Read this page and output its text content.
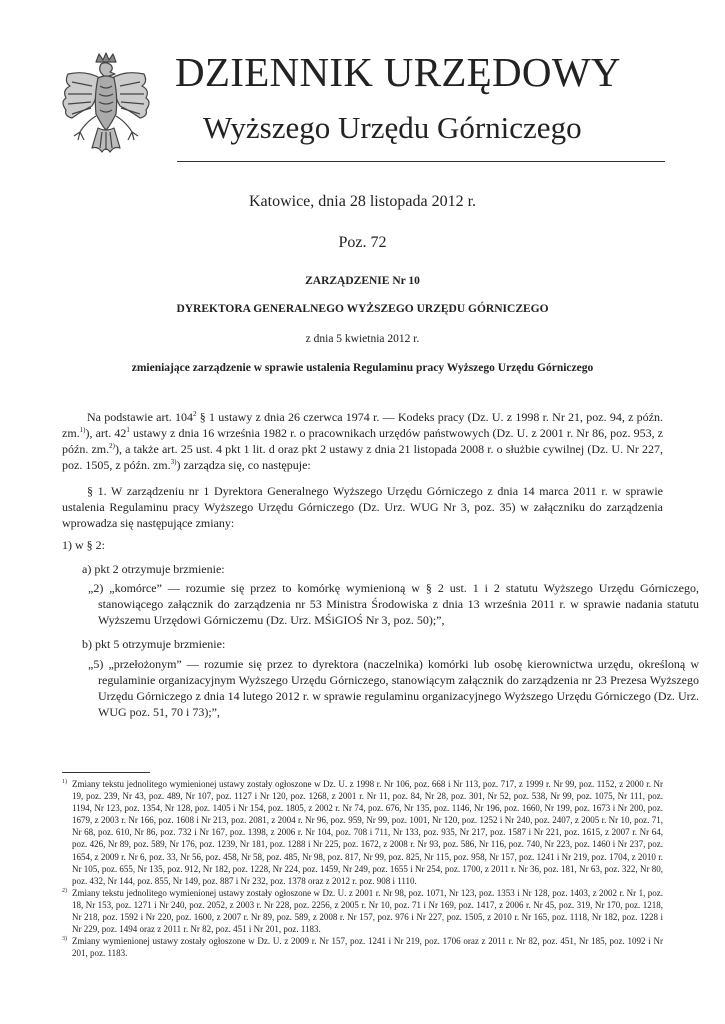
DZIENNIK URZĘDOWY
Wyższego Urzędu Górniczego
Katowice, dnia 28 listopada 2012 r.
Poz. 72
ZARZĄDZENIE Nr 10
DYREKTORA GENERALNEGO WYŻSZEGO URZĘDU GÓRNICZEGO
z dnia 5 kwietnia 2012 r.
zmieniające zarządzenie w sprawie ustalenia Regulaminu pracy Wyższego Urzędu Górniczego

Na podstawie art. $104^2$ § 1 ustawy z dnia 26 czerwca 1974 r. — Kodeks pracy (Dz. U. z 1998 r. Nr 21, poz. 94, z późn. zm.$^{1)}$), art. $42^1$ ustawy z dnia 16 września 1982 r. o pracownikach urzędów państwowych (Dz. U. z 2001 r. Nr 86, poz. 953, z późn. zm.$^{2)}$), a także art. 25 ust. 4 pkt 1 lit. d oraz pkt 2 ustawy z dnia 21 listopada 2008 r. o służbie cywilnej (Dz. U. Nr 227, poz. 1505, z późn. zm.$^{3)}$) zarządza się, co następuje:

§ 1. W zarządzeniu nr 1 Dyrektora Generalnego Wyższego Urzędu Górniczego z dnia 14 marca 2011 r. w sprawie ustalenia Regulaminu pracy Wyższego Urzędu Górniczego (Dz. Urz. WUG Nr 3, poz. 35) w załączniku do zarządzenia wprowadza się następujące zmiany:

1) w § 2:

a) pkt 2 otrzymuje brzmienie:

„2) „komórce” — rozumie się przez to komórkę wymienioną w § 2 ust. 1 i 2 statutu Wyższego Urzędu Górniczego, stanowiącego załącznik do zarządzenia nr 53 Ministra Środowiska z dnia 13 września 2011 r. w sprawie nadania statutu Wyższemu Urzędowi Górniczemu (Dz. Urz. MŚiGIOŚ Nr 3, poz. 50);”,

b) pkt 5 otrzymuje brzmienie:

„5) „przełożonym” — rozumie się przez to dyrektora (naczelnika) komórki lub osobę kierownictwa urzędu, określoną w regulaminie organizacyjnym Wyższego Urzędu Górniczego, stanowiącym załącznik do zarządzenia nr 23 Prezesa Wyższego Urzędu Górniczego z dnia 14 lutego 2012 r. w sprawie regulaminu organizacyjnego Wyższego Urzędu Górniczego (Dz. Urz. WUG poz. 51, 70 i 73);”,

1) Zmiany tekstu jednolitego wymienionej ustawy zostały ogłoszone w Dz. U. z 1998 r. Nr 106, poz. 668 i Nr 113, poz. 717, z 1999 r. Nr 99, poz. 1152, z 2000 r. Nr 19, poz. 239, Nr 43, poz. 489, Nr 107, poz. 1127 i Nr 120, poz. 1268, z 2001 r. Nr 11, poz. 84, Nr 28, poz. 301, Nr 52, poz. 538, Nr 99, poz. 1075, Nr 111, poz. 1194, Nr 123, poz. 1354, Nr 128, poz. 1405 i Nr 154, poz. 1805, z 2002 r. Nr 74, poz. 676, Nr 135, poz. 1146, Nr 196, poz. 1660, Nr 199, poz. 1673 i Nr 200, poz. 1679, z 2003 r. Nr 166, poz. 1608 i Nr 213, poz. 2081, z 2004 r. Nr 96, poz. 959, Nr 99, poz. 1001, Nr 120, poz. 1252 i Nr 240, poz. 2407, z 2005 r. Nr 10, poz. 71, Nr 68, poz. 610, Nr 86, poz. 732 i Nr 167, poz. 1398, z 2006 r. Nr 104, poz. 708 i 711, Nr 133, poz. 935, Nr 217, poz. 1587 i Nr 221, poz. 1615, z 2007 r. Nr 64, poz. 426, Nr 89, poz. 589, Nr 176, poz. 1239, Nr 181, poz. 1288 i Nr 225, poz. 1672, z 2008 r. Nr 93, poz. 586, Nr 116, poz. 740, Nr 223, poz. 1460 i Nr 237, poz. 1654, z 2009 r. Nr 6, poz. 33, Nr 56, poz. 458, Nr 58, poz. 485, Nr 98, poz. 817, Nr 99, poz. 825, Nr 115, poz. 958, Nr 157, poz. 1241 i Nr 219, poz. 1704, z 2010 r. Nr 105, poz. 655, Nr 135, poz. 912, Nr 182, poz. 1228, Nr 224, poz. 1459, Nr 249, poz. 1655 i Nr 254, poz. 1700, z 2011 r. Nr 36, poz. 181, Nr 63, poz. 322, Nr 80, poz. 432, Nr 144, poz. 855, Nr 149, poz. 887 i Nr 232, poz. 1378 oraz z 2012 r. poz. 908 i 1110.

2) Zmiany tekstu jednolitego wymienionej ustawy zostały ogłoszone w Dz. U. z 2001 r. Nr 98, poz. 1071, Nr 123, poz. 1353 i Nr 128, poz. 1403, z 2002 r. Nr 1, poz. 18, Nr 153, poz. 1271 i Nr 240, poz. 2052, z 2003 r. Nr 228, poz. 2256, z 2005 r. Nr 10, poz. 71 i Nr 169, poz. 1417, z 2006 r. Nr 45, poz. 319, Nr 170, poz. 1218, Nr 218, poz. 1592 i Nr 220, poz. 1600, z 2007 r. Nr 89, poz. 589, z 2008 r. Nr 157, poz. 976 i Nr 227, poz. 1505, z 2010 r. Nr 165, poz. 1118, Nr 182, poz. 1228 i Nr 229, poz. 1494 oraz z 2011 r. Nr 82, poz. 451 i Nr 201, poz. 1183.

3) Zmiany wymienionej ustawy zostały ogłoszone w Dz. U. z 2009 r. Nr 157, poz. 1241 i Nr 219, poz. 1706 oraz z 2011 r. Nr 82, poz. 451, Nr 185, poz. 1092 i Nr 201, poz. 1183.
